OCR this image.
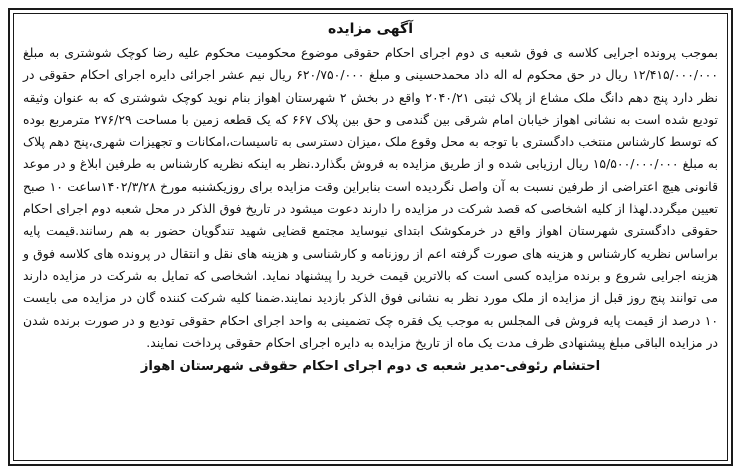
آگهی مزایده

بموجب پرونده اجرایی کلاسه ی فوق شعبه ی دوم اجرای احکام حقوقی موضوع محکومیت محکوم علیه رضا کوچک شوشتری به مبلغ ۱۲/۴۱۵/۰۰۰/۰۰۰ ریال در حق محکوم له اله داد محمدحسینی و مبلغ ۶۲۰/۷۵۰/۰۰۰ ریال نیم عشر اجرائی دایره اجرای احکام حقوقی در نظر دارد پنج دهم دانگ ملک مشاع از پلاک ثبتی ۲۰۴۰/۲۱ واقع در بخش ۲ شهرستان اهواز بنام نوید کوچک شوشتری که به عنوان وثیقه تودیع شده است به نشانی اهواز خیابان امام شرقی بین گندمی و حق بین پلاک ۶۶۷ که یک قطعه زمین با مساحت ۲۷۶/۲۹ مترمربع بوده که توسط کارشناس منتخب دادگستری با توجه به محل وقوع ملک ،میزان دسترسی به تاسیسات،امکانات و تجهیزات شهری،پنج دهم پلاک به مبلغ ۱۵/۵۰۰/۰۰۰/۰۰۰ ریال ارزیابی شده و از طریق مزایده به فروش بگذارد.نظر به اینکه نظریه کارشناس به طرفین ابلاغ و در موعد قانونی هیچ اعتراضی از طرفین نسبت به آن واصل نگردیده است بنابراین وقت مزایده برای روزیکشنبه مورخ ۱۴۰۲/۳/۲۸ساعت ۱۰ صبح تعیین میگردد.لهذا از کلیه اشخاصی که قصد شرکت در مزایده را دارند دعوت میشود در تاریخ فوق الذکر در محل شعبه دوم اجرای احکام حقوقی دادگستری شهرستان اهواز واقع در خرمکوشک ابتدای نیوساید مجتمع قضایی شهید تندگویان حضور به هم رسانند.قیمت پایه براساس نظریه کارشناس و هزینه های صورت گرفته اعم از روزنامه و کارشناسی و هزینه های نقل و انتقال در پرونده های کلاسه فوق و هزینه اجرایی شروع و برنده مزایده کسی است که بالاترین قیمت خرید را پیشنهاد نماید. اشخاصی که تمایل به شرکت در مزایده دارند می توانند پنج روز قبل از مزایده از ملک مورد نظر به نشانی فوق الذکر بازدید نمایند.ضمنا کلیه شرکت کننده گان در مزایده می بایست ۱۰ درصد از قیمت پایه فروش فی المجلس به موجب یک فقره چک تضمینی به واحد اجرای احکام حقوقی تودیع و در صورت برنده شدن در مزایده الباقی مبلغ پیشنهادی ظرف مدت یک ماه از تاریخ مزایده به دایره اجرای احکام حقوقی پرداخت نمایند.

احتشام رئوفی-مدیر شعبه ی دوم اجرای احکام حقوقی شهرستان اهواز
